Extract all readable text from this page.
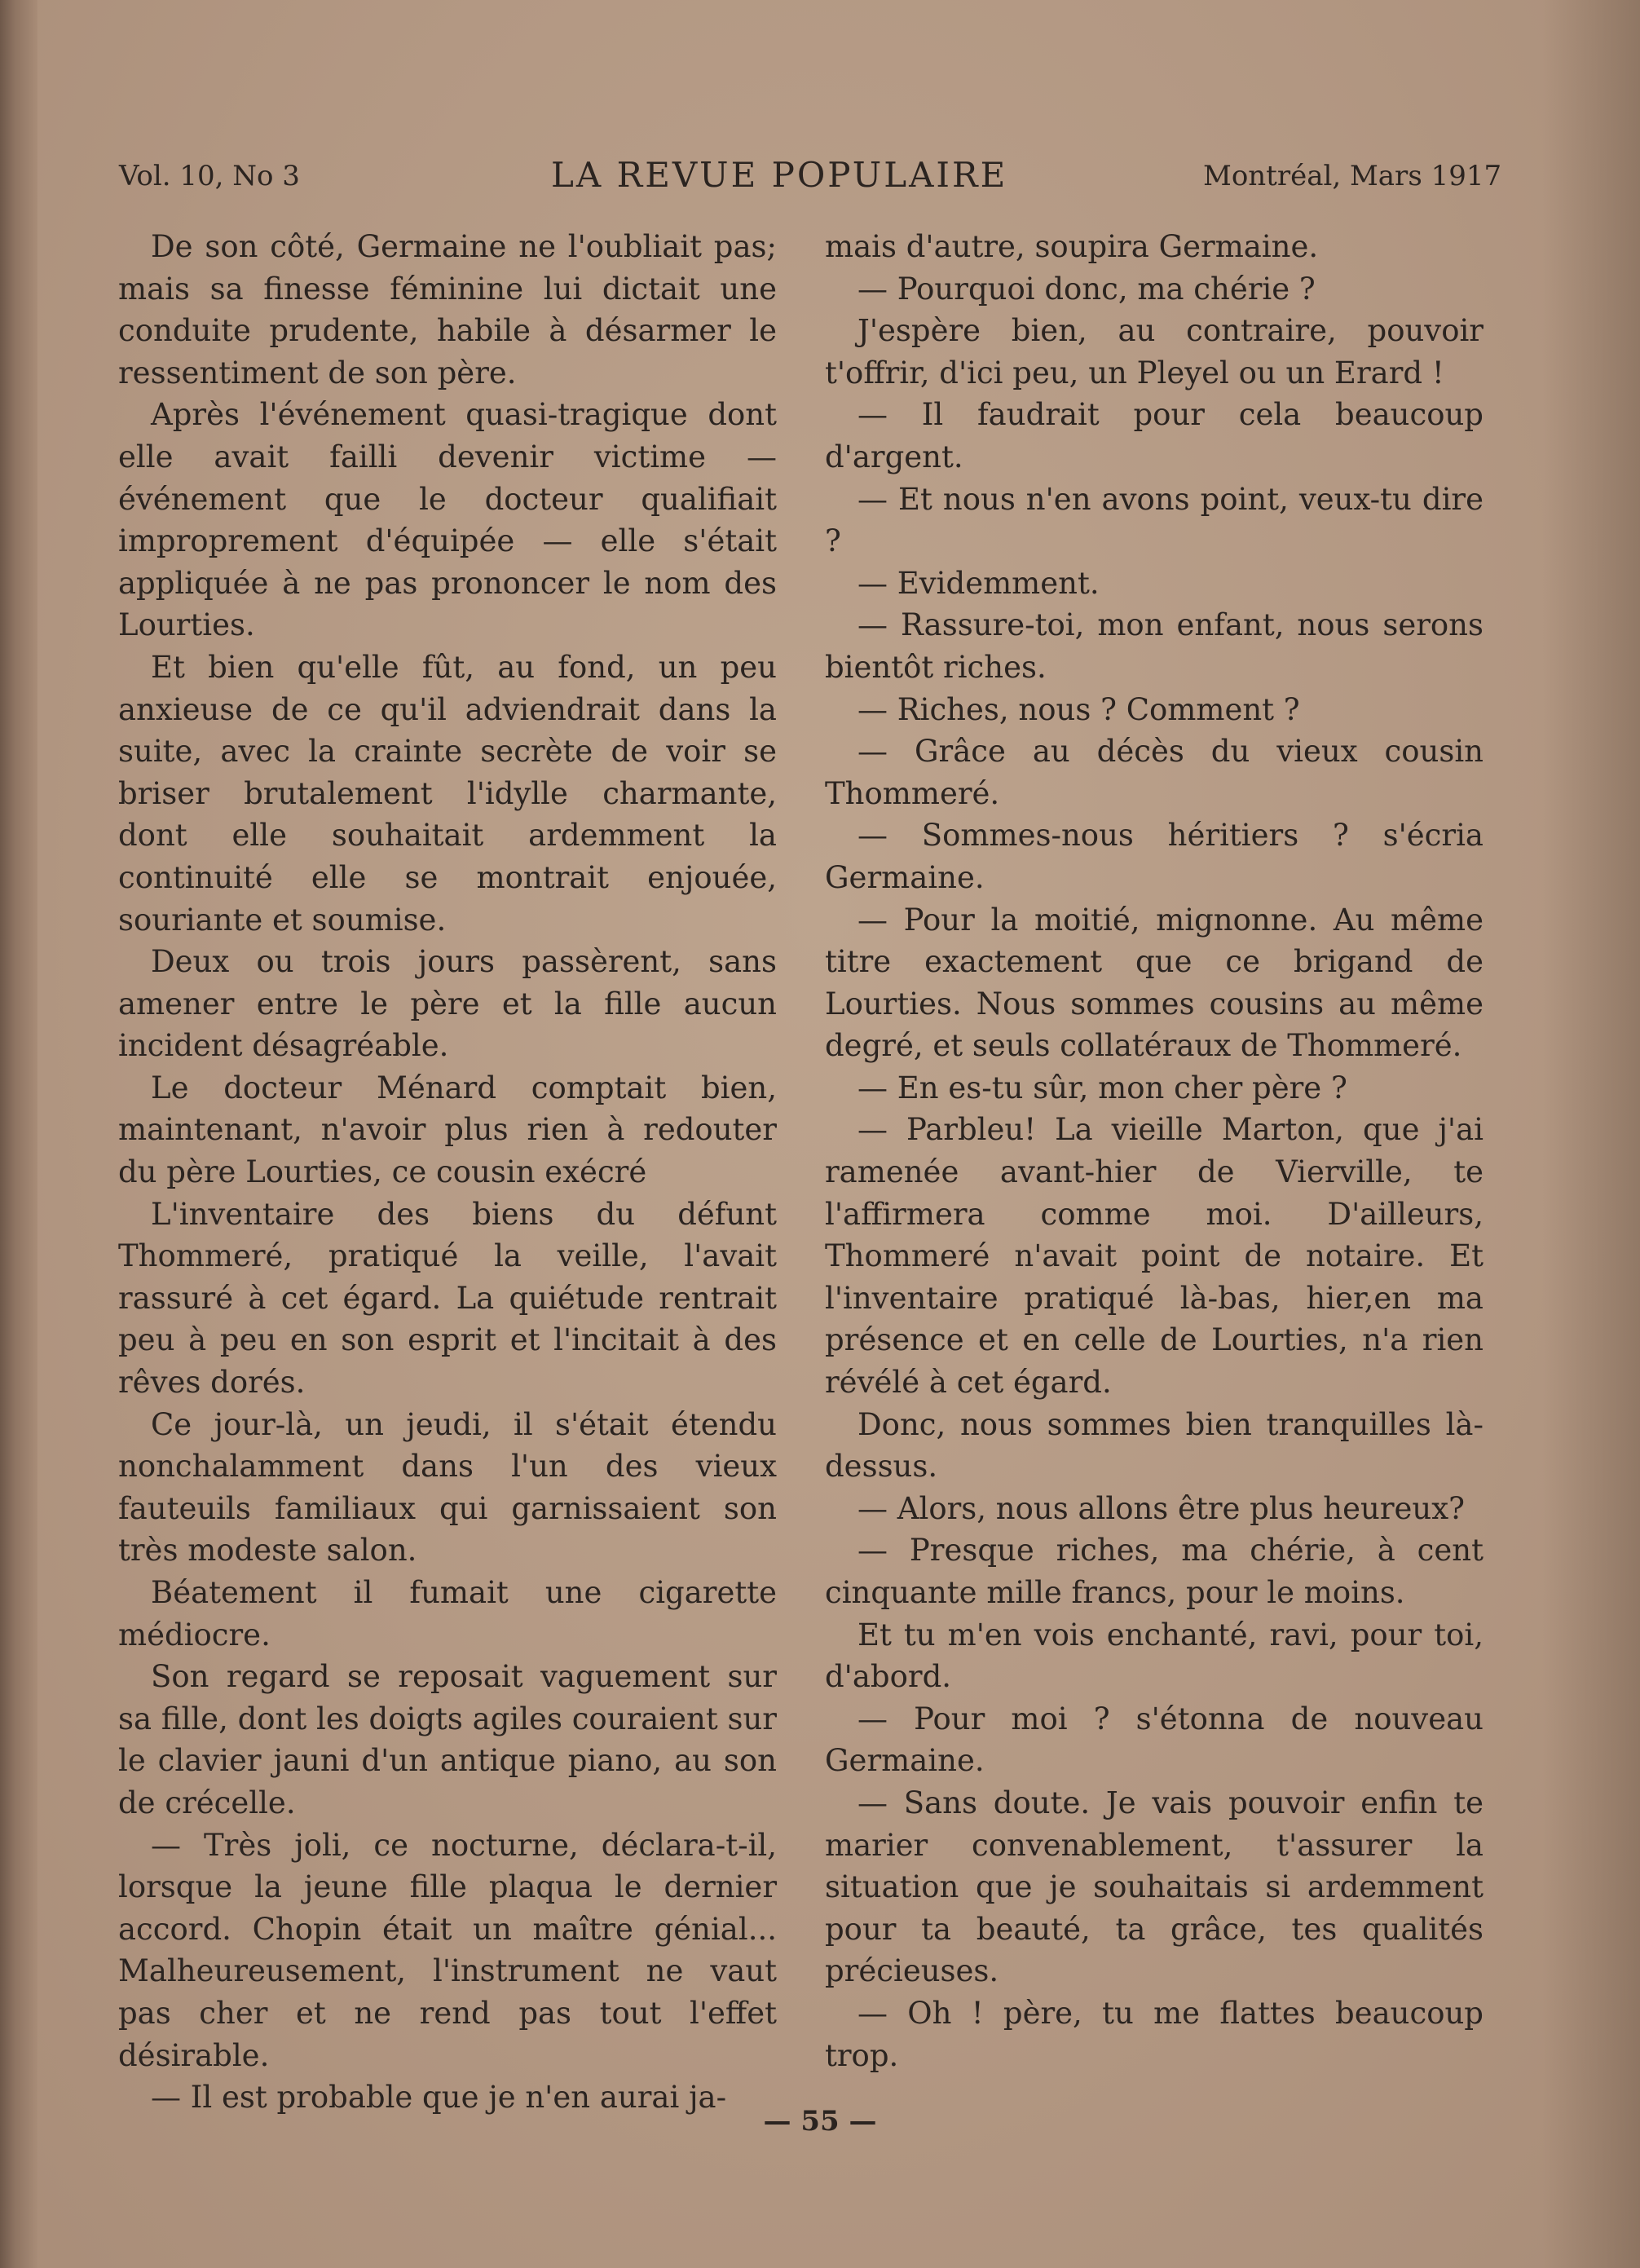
Vol. 10, No 3	LA REVUE POPULAIRE	Montréal, Mars 1917

De son côté, Germaine ne l'oubliait pas; mais sa finesse féminine lui dictait une conduite prudente, habile à désarmer le ressentiment de son père.

Après l'événement quasi-tragique dont elle avait failli devenir victime — événement que le docteur qualifiait improprement d'équipée — elle s'était appliquée à ne pas prononcer le nom des Lourties.

Et bien qu'elle fût, au fond, un peu anxieuse de ce qu'il adviendrait dans la suite, avec la crainte secrète de voir se briser brutalement l'idylle charmante, dont elle souhaitait ardemment la continuité elle se montrait enjouée, souriante et soumise.

Deux ou trois jours passèrent, sans amener entre le père et la fille aucun incident désagréable.

Le docteur Ménard comptait bien, maintenant, n'avoir plus rien à redouter du père Lourties, ce cousin exécré

L'inventaire des biens du défunt Thommeré, pratiqué la veille, l'avait rassuré à cet égard. La quiétude rentrait peu à peu en son esprit et l'incitait à des rêves dorés.

Ce jour-là, un jeudi, il s'était étendu nonchalamment dans l'un des vieux fauteuils familiaux qui garnissaient son très modeste salon.

Béatement il fumait une cigarette médiocre.

Son regard se reposait vaguement sur sa fille, dont les doigts agiles couraient sur le clavier jauni d'un antique piano, au son de crécelle.

— Très joli, ce nocturne, déclara-t-il, lorsque la jeune fille plaqua le dernier accord. Chopin était un maître génial... Malheureusement, l'instrument ne vaut pas cher et ne rend pas tout l'effet désirable.

— Il est probable que je n'en aurai ja-

mais d'autre, soupira Germaine.

— Pourquoi donc, ma chérie ?

J'espère bien, au contraire, pouvoir t'offrir, d'ici peu, un Pleyel ou un Erard !

— Il faudrait pour cela beaucoup d'argent.

— Et nous n'en avons point, veux-tu dire ?

— Evidemment.

— Rassure-toi, mon enfant, nous serons bientôt riches.

— Riches, nous ? Comment ?

— Grâce au décès du vieux cousin Thommeré.

— Sommes-nous héritiers ? s'écria Germaine.

— Pour la moitié, mignonne. Au même titre exactement que ce brigand de Lourties. Nous sommes cousins au même degré, et seuls collatéraux de Thommeré.

— En es-tu sûr, mon cher père ?

— Parbleu! La vieille Marton, que j'ai ramenée avant-hier de Vierville, te l'affirmera comme moi. D'ailleurs, Thommeré n'avait point de notaire. Et l'inventaire pratiqué là-bas, hier,en ma présence et en celle de Lourties, n'a rien révélé à cet égard.

Donc, nous sommes bien tranquilles là-dessus.

— Alors, nous allons être plus heureux?

— Presque riches, ma chérie, à cent cinquante mille francs, pour le moins.

Et tu m'en vois enchanté, ravi, pour toi, d'abord.

— Pour moi ? s'étonna de nouveau Germaine.

— Sans doute. Je vais pouvoir enfin te marier convenablement, t'assurer la situation que je souhaitais si ardemment pour ta beauté, ta grâce, tes qualités précieuses.

— Oh ! père, tu me flattes beaucoup trop.

— 55 —
